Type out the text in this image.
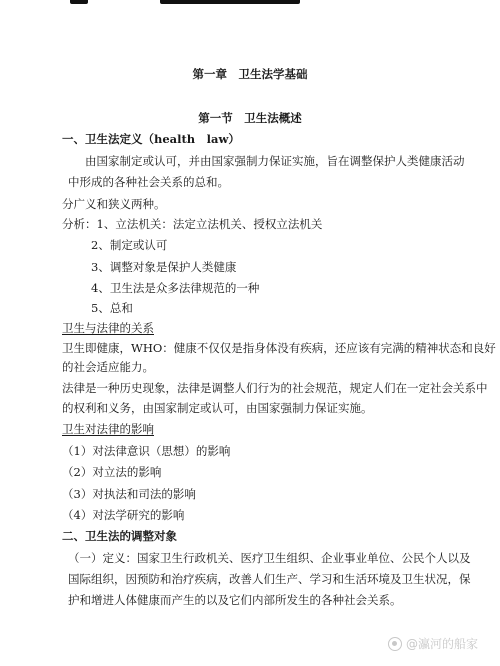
第一章　卫生法学基础
第一节　卫生法概述
一、卫生法定义（health　law）
由国家制定或认可，并由国家强制力保证实施，旨在调整保护人类健康活动
中形成的各种社会关系的总和。
分广义和狭义两种。
分析：1、立法机关：法定立法机关、授权立法机关
2、制定或认可
3、调整对象是保护人类健康
4、卫生法是众多法律规范的一种
5、总和
卫生与法律的关系
卫生即健康，WHO：健康不仅仅是指身体没有疾病，还应该有完满的精神状态和良好
的社会适应能力。
法律是一种历史现象，法律是调整人们行为的社会规范，规定人们在一定社会关系中
的权利和义务，由国家制定或认可，由国家强制力保证实施。
卫生对法律的影响
（1）对法律意识（思想）的影响
（2）对立法的影响
（3）对执法和司法的影响
（4）对法学研究的影响
二、卫生法的调整对象
（一）定义：国家卫生行政机关、医疗卫生组织、企业事业单位、公民个人以及
国际组织，因预防和治疗疾病，改善人们生产、学习和生活环境及卫生状况，保
护和增进人体健康而产生的以及它们内部所发生的各种社会关系。
@瀛河的船家
